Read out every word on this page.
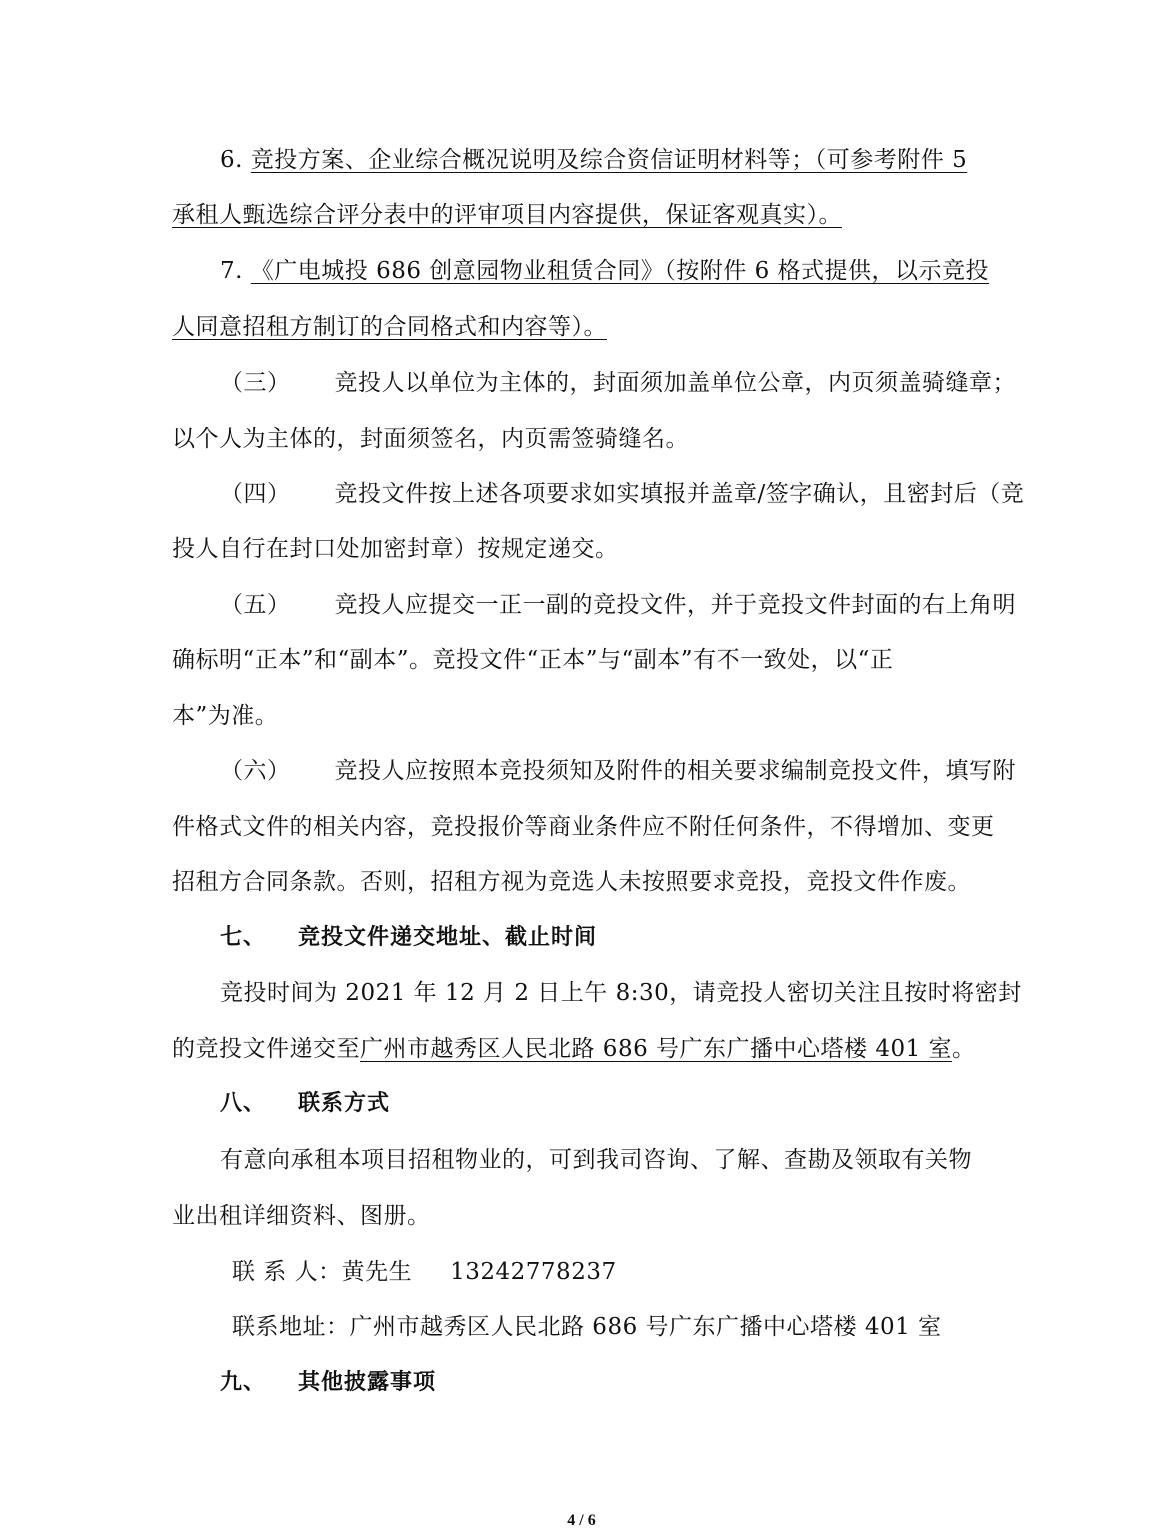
6. 竞投方案、企业综合概况说明及综合资信证明材料等；（可参考附件 5
承租人甄选综合评分表中的评审项目内容提供，保证客观真实）。
7. 《广电城投 686 创意园物业租赁合同》（按附件 6 格式提供，以示竞投
人同意招租方制订的合同格式和内容等）。
（三） 竞投人以单位为主体的，封面须加盖单位公章，内页须盖骑缝章；
以个人为主体的，封面须签名，内页需签骑缝名。
（四） 竞投文件按上述各项要求如实填报并盖章/签字确认，且密封后（竞
投人自行在封口处加密封章）按规定递交。
（五） 竞投人应提交一正一副的竞投文件，并于竞投文件封面的右上角明
确标明“正本”和“副本”。竞投文件“正本”与“副本”有不一致处，以“正
本”为准。
（六） 竞投人应按照本竞投须知及附件的相关要求编制竞投文件，填写附
件格式文件的相关内容，竞投报价等商业条件应不附任何条件，不得增加、变更
招租方合同条款。否则，招租方视为竞选人未按照要求竞投，竞投文件作废。
七、 竞投文件递交地址、截止时间
竞投时间为 2021 年 12 月 2 日上午 8:30，请竞投人密切关注且按时将密封
的竞投文件递交至广州市越秀区人民北路 686 号广东广播中心塔楼 401 室。
八、 联系方式
有意向承租本项目招租物业的，可到我司咨询、了解、查勘及领取有关物
业出租详细资料、图册。
联 系 人：黄先生 13242778237
联系地址：广州市越秀区人民北路 686 号广东广播中心塔楼 401 室
九、 其他披露事项
4 / 6
